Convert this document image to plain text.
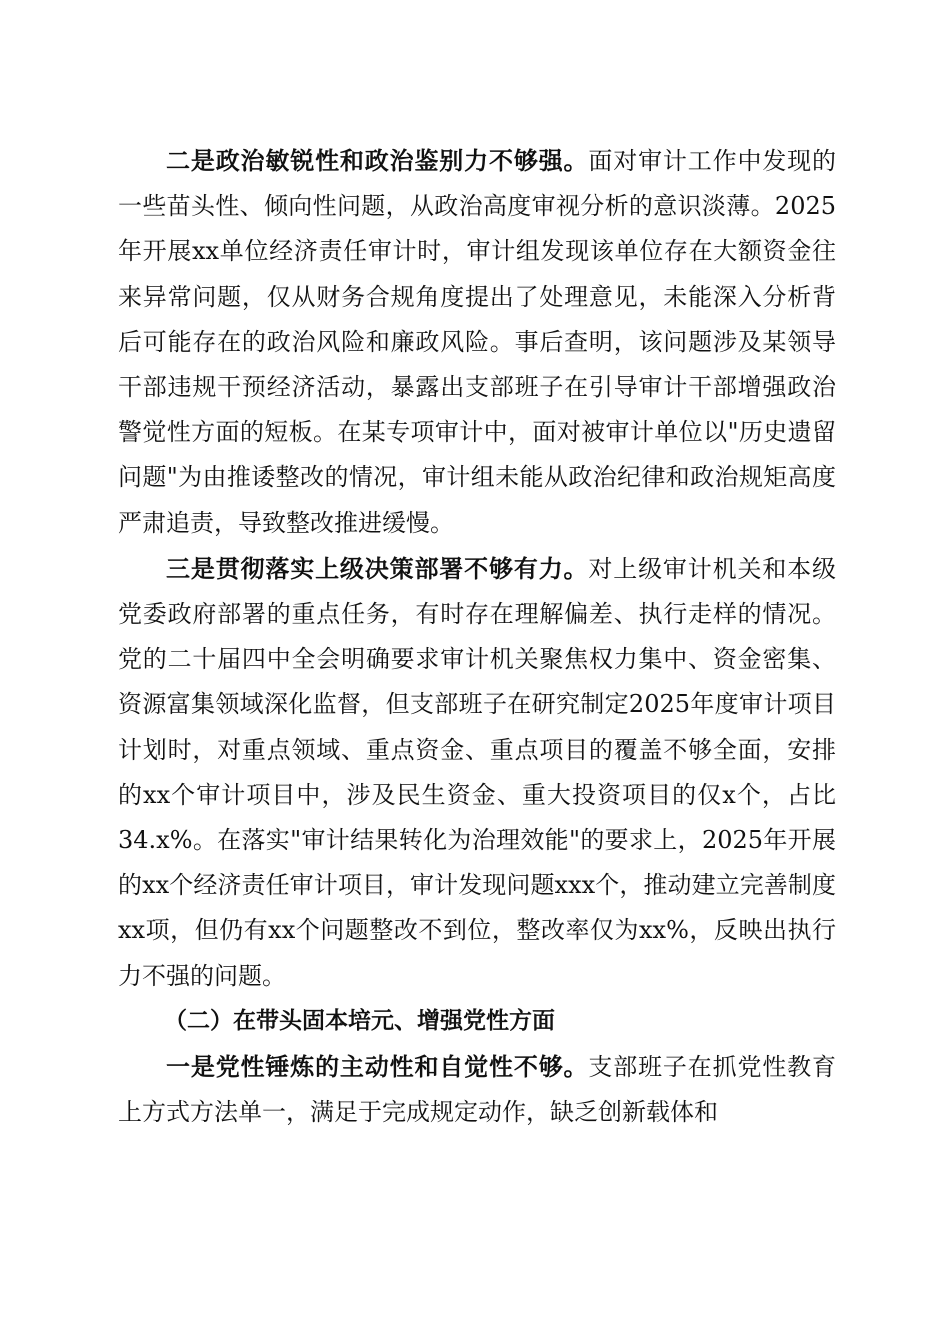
二是政治敏锐性和政治鉴别力不够强。面对审计工作中发现的一些苗头性、倾向性问题，从政治高度审视分析的意识淡薄。2025年开展xx单位经济责任审计时，审计组发现该单位存在大额资金往来异常问题，仅从财务合规角度提出了处理意见，未能深入分析背后可能存在的政治风险和廉政风险。事后查明，该问题涉及某领导干部违规干预经济活动，暴露出支部班子在引导审计干部增强政治警觉性方面的短板。在某专项审计中，面对被审计单位以"历史遗留问题"为由推诿整改的情况，审计组未能从政治纪律和政治规矩高度严肃追责，导致整改推进缓慢。

三是贯彻落实上级决策部署不够有力。对上级审计机关和本级党委政府部署的重点任务，有时存在理解偏差、执行走样的情况。党的二十届四中全会明确要求审计机关聚焦权力集中、资金密集、资源富集领域深化监督，但支部班子在研究制定2025年度审计项目计划时，对重点领域、重点资金、重点项目的覆盖不够全面，安排的xx个审计项目中，涉及民生资金、重大投资项目的仅x个，占比34.x%。在落实"审计结果转化为治理效能"的要求上，2025年开展的xx个经济责任审计项目，审计发现问题xxx个，推动建立完善制度xx项，但仍有xx个问题整改不到位，整改率仅为xx%，反映出执行力不强的问题。

（二）在带头固本培元、增强党性方面

一是党性锤炼的主动性和自觉性不够。支部班子在抓党性教育上方式方法单一，满足于完成规定动作，缺乏创新载体和
